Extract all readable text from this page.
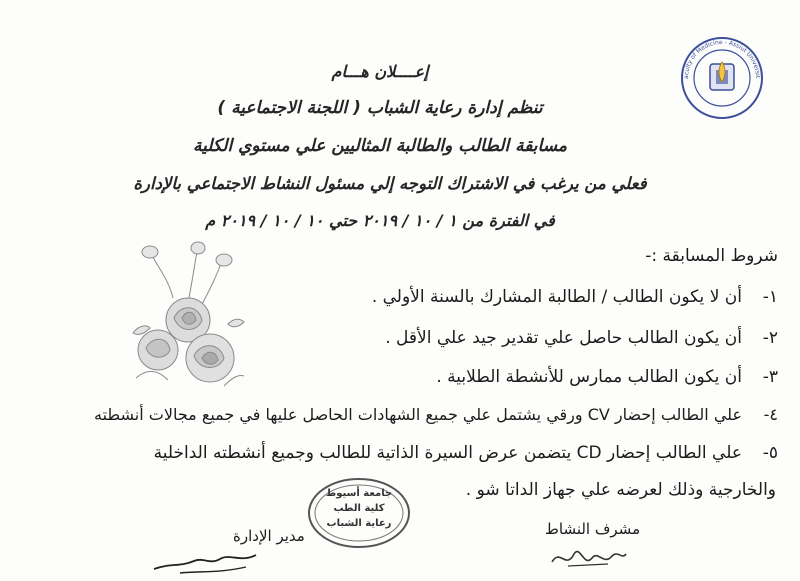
aculty of Medicine - Assiut Universit
إعــــلان هـــام
تنظم إدارة رعاية الشباب ( اللجنة الاجتماعية )
مسابقة الطالب والطالبة المثاليين علي مستوي الكلية
فعلي من يرغب في الاشتراك التوجه إلي مسئول النشاط الاجتماعي بالإدارة
في الفترة من ١ / ١٠ / ٢٠١٩ حتي ١٠ / ١٠ / ٢٠١٩ م
شروط المسابقة :-
١-
أن لا يكون الطالب / الطالبة المشارك بالسنة الأولي .
٢-
أن يكون الطالب حاصل علي تقدير جيد علي الأقل .
٣-
أن يكون الطالب ممارس للأنشطة الطلابية .
٤-
علي الطالب إحضار CV ورقي يشتمل علي جميع الشهادات الحاصل عليها في جميع مجالات أنشطته
٥-
علي الطالب إحضار CD يتضمن عرض السيرة الذاتية للطالب وجميع أنشطته الداخلية
والخارجية وذلك لعرضه علي جهاز الداتا شو .
جامعة أسيوط
كلية الطب
رعاية الشباب	مشرف النشاط
مدير الإدارة
